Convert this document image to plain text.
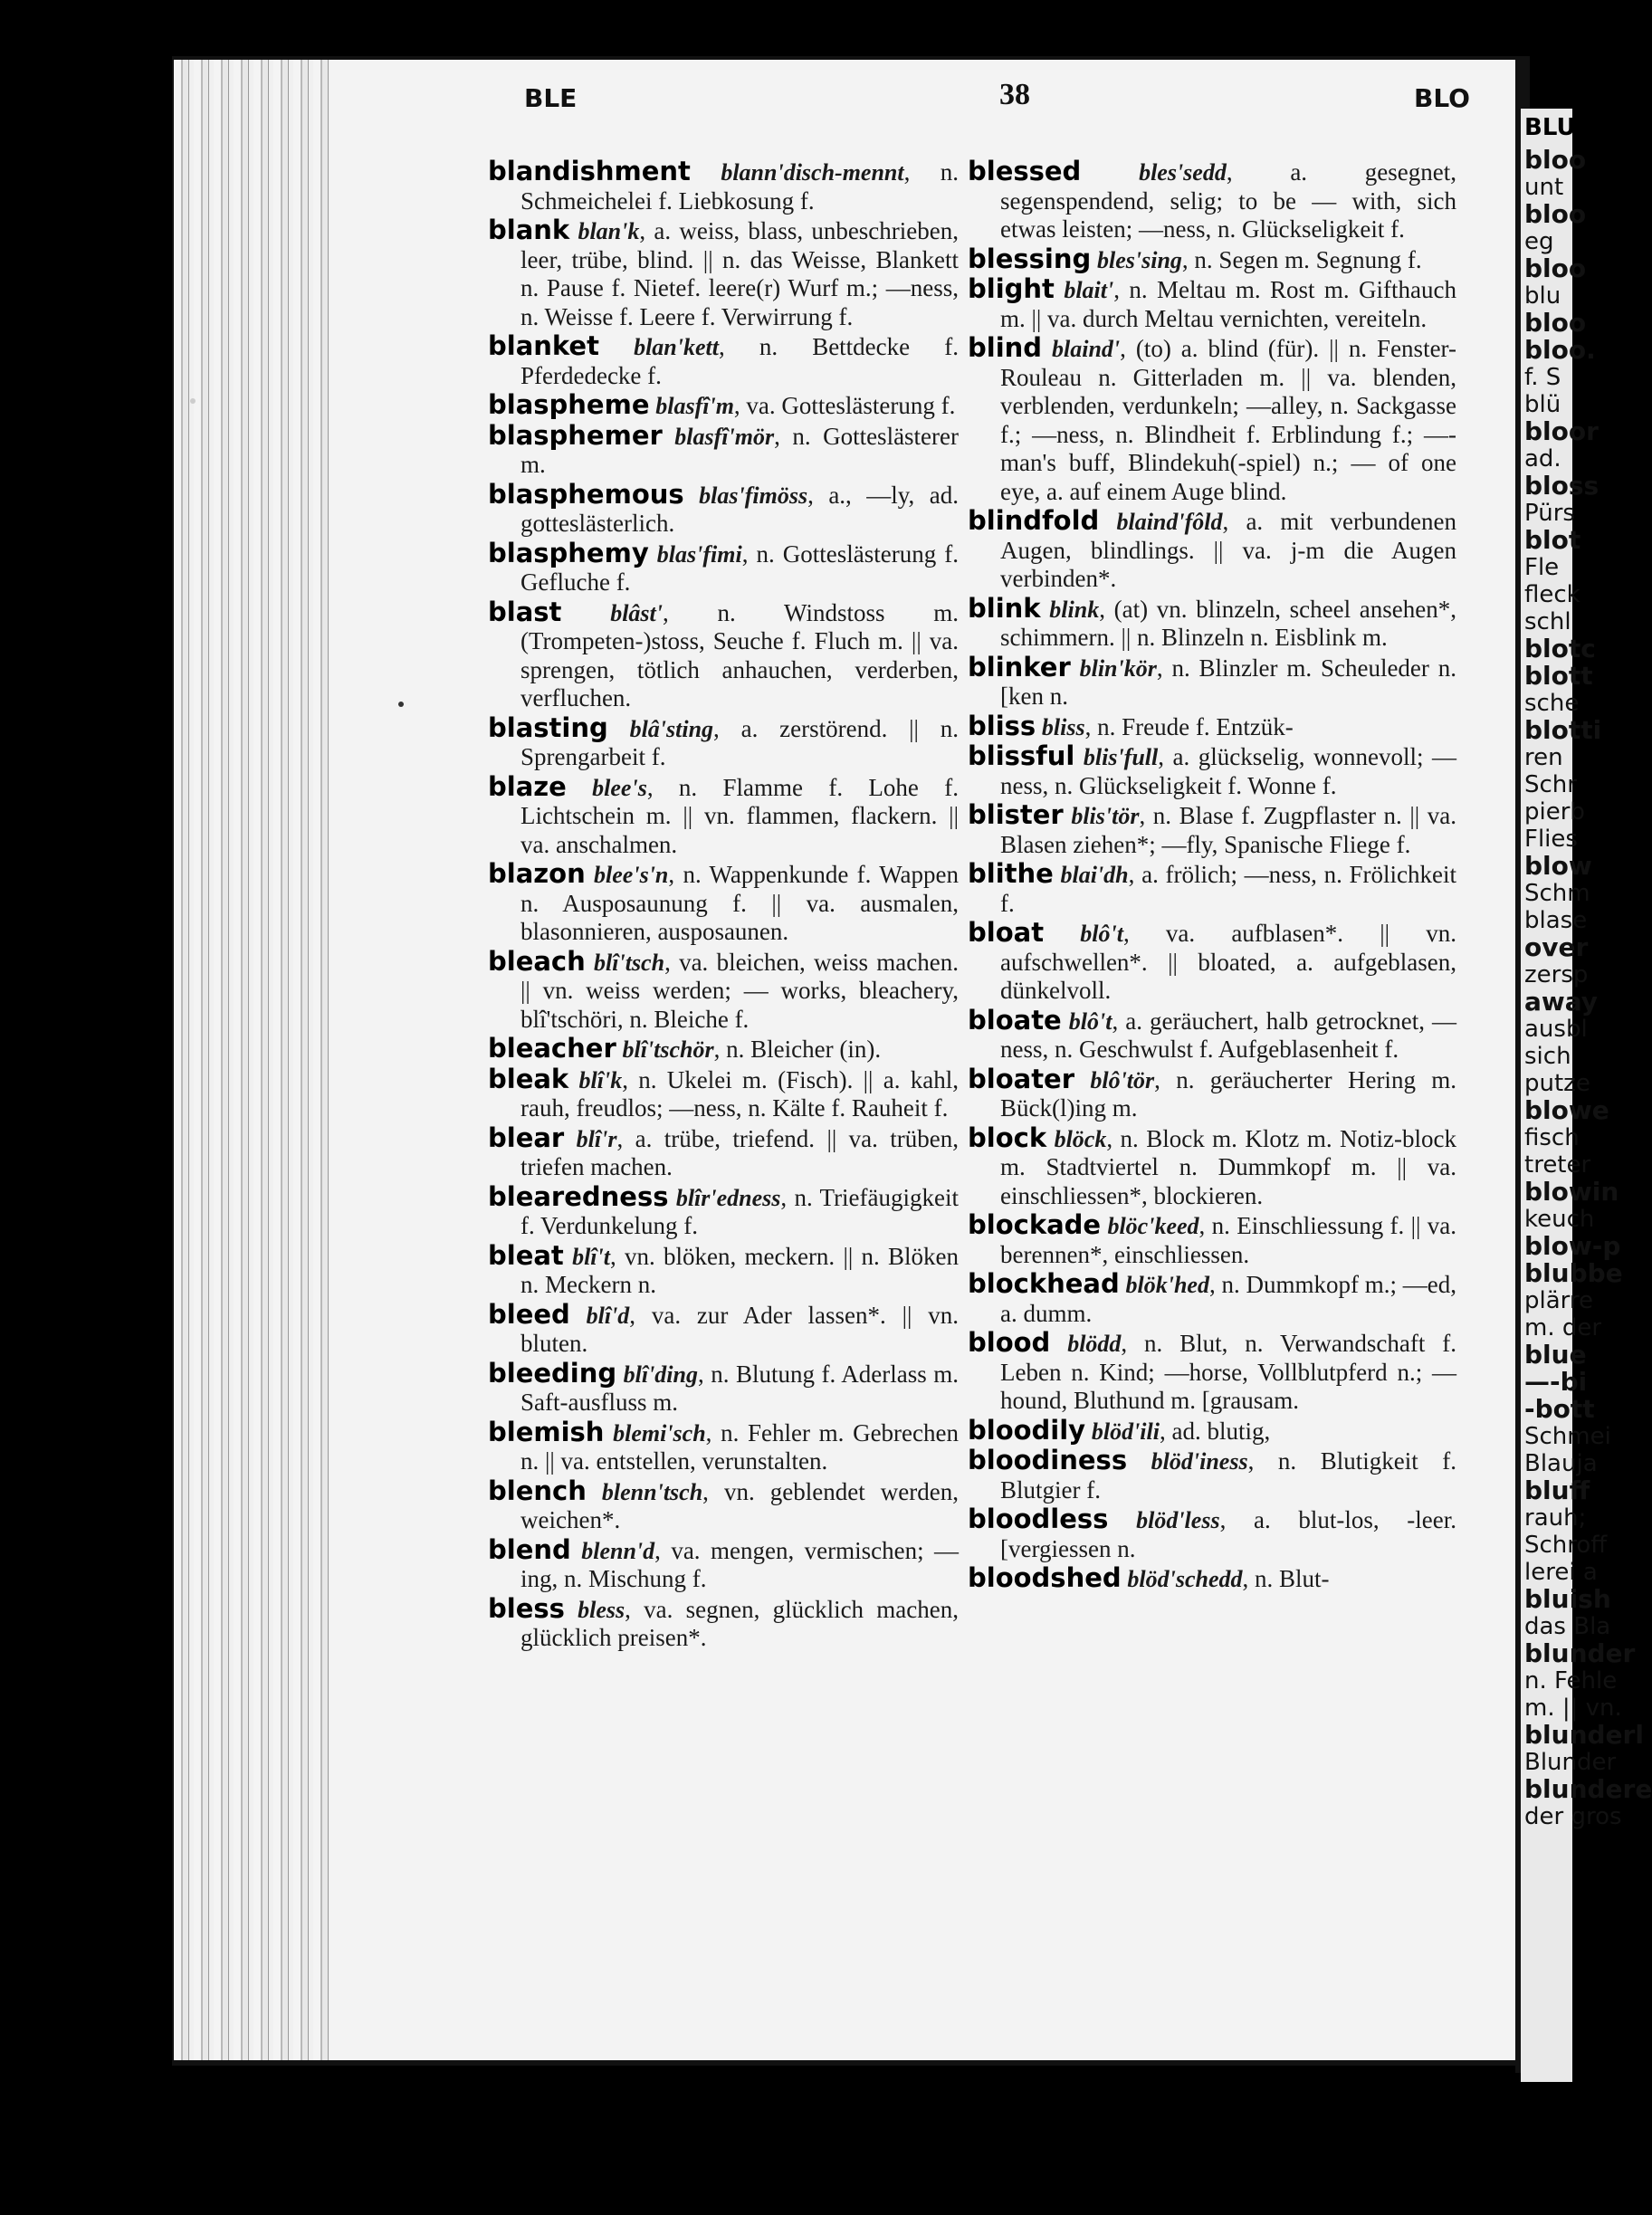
BLE	38	BLO

blandishment blann'disch-mennt, n. Schmeichelei f. Liebkosung f.

blank blan'k, a. weiss, blass, unbeschrieben, leer, trübe, blind. || n. das Weisse, Blankett n. Pause f. Nietef. leere(r) Wurf m.; —ness, n. Weisse f. Leere f. Verwirrung f.

blanket blan'kett, n. Bettdecke f. Pferdedecke f.

blaspheme blasfî'm, va. Gotteslästerung f.

blasphemer blasfî'mör, n. Gotteslästerer m.

blasphemous blas'fimöss, a., —ly, ad. gotteslästerlich.

blasphemy blas'fimi, n. Gotteslästerung f. Gefluche f.

blast blâst', n. Windstoss m. (Trompeten-)stoss, Seuche f. Fluch m. || va. sprengen, tötlich anhauchen, verderben, verfluchen.

blasting blâ'sting, a. zerstörend. || n. Sprengarbeit f.

blaze blee's, n. Flamme f. Lohe f. Lichtschein m. || vn. flammen, flackern. || va. anschalmen.

blazon blee's'n, n. Wappenkunde f. Wappen n. Ausposaunung f. || va. ausmalen, blasonnieren, ausposaunen.

bleach blî'tsch, va. bleichen, weiss machen. || vn. weiss werden; — works, bleachery, blî'tschöri, n. Bleiche f.

bleacher blî'tschör, n. Bleicher (in).

bleak blî'k, n. Ukelei m. (Fisch). || a. kahl, rauh, freudlos; —ness, n. Kälte f. Rauheit f.

blear blî'r, a. trübe, triefend. || va. trüben, triefen machen.

blearedness blîr'edness, n. Triefäugigkeit f. Verdunkelung f.

bleat blî't, vn. blöken, meckern. || n. Blöken n. Meckern n.

bleed blî'd, va. zur Ader lassen*. || vn. bluten.

bleeding blî'ding, n. Blutung f. Aderlass m. Saft-ausfluss m.

blemish blemi'sch, n. Fehler m. Gebrechen n. || va. entstellen, verunstalten.

blench blenn'tsch, vn. geblendet werden, weichen*.

blend blenn'd, va. mengen, vermischen; —ing, n. Mischung f.

bless bless, va. segnen, glücklich machen, glücklich preisen*.

blessed bles'sedd, a. gesegnet, segenspendend, selig; to be — with, sich etwas leisten; —ness, n. Glückseligkeit f.

blessing bles'sing, n. Segen m. Segnung f.

blight blait', n. Meltau m. Rost m. Gifthauch m. || va. durch Meltau vernichten, vereiteln.

blind blaind', (to) a. blind (für). || n. Fenster-Rouleau n. Gitterladen m. || va. blenden, verblenden, verdunkeln; —alley, n. Sackgasse f.; —ness, n. Blindheit f. Erblindung f.; —-man's buff, Blindekuh(-spiel) n.; — of one eye, a. auf einem Auge blind.

blindfold blaind'fôld, a. mit verbundenen Augen, blindlings. || va. j-m die Augen verbinden*.

blink blink, (at) vn. blinzeln, scheel ansehen*, schimmern. || n. Blinzeln n. Eisblink m.

blinker blin'kör, n. Blinzler m. Scheuleder n. [ken n.

bliss bliss, n. Freude f. Entzük-

blissful blis'full, a. glückselig, wonnevoll; —ness, n. Glückseligkeit f. Wonne f.

blister blis'tör, n. Blase f. Zugpflaster n. || va. Blasen ziehen*; —fly, Spanische Fliege f.

blithe blai'dh, a. frölich; —ness, n. Frölichkeit f.

bloat blô't, va. aufblasen*. || vn. aufschwellen*. || bloated, a. aufgeblasen, dünkelvoll.

bloate blô't, a. geräuchert, halb getrocknet, —ness, n. Geschwulst f. Aufgeblasenheit f.

bloater blô'tör, n. geräucherter Hering m. Bück(l)ing m.

block blöck, n. Block m. Klotz m. Notiz-block m. Stadtviertel n. Dummkopf m. || va. einschliessen*, blockieren.

blockade blöc'keed, n. Einschliessung f. || va. berennen*, einschliessen.

blockhead blök'hed, n. Dummkopf m.; —ed, a. dumm.

blood blödd, n. Blut, n. Verwandschaft f. Leben n. Kind; —horse, Vollblutpferd n.; —hound, Bluthund m. [grausam.

bloodily blöd'ili, ad. blutig,

bloodiness blöd'iness, n. Blutigkeit f. Blutgier f.

bloodless blöd'less, a. blut-los, -leer. [vergiessen n.

bloodshed blöd'schedd, n. Blut-

BLU
bloo
unt
bloo
eg
bloo
blu
bloo
bloo.
f. S
blü
bloor
ad.
bloss
Pürs
blot
Fle
fleck
schl
blotc
blott
sche
blotti
ren
Schr
pierb
Flies
blow
Schm
blase
over
zersp
away
ausbl
sich
putze
blowe
fisch
treter
blowin
keuch
blow-p
blubbe
plärre
m. der
blue
—-bi
-bott
Schmei
Blauja
bluff
rauh;
Schroff
lerei a
bluish
das Bla
blunder
n. Fehle
m. || vn.
blunderl
Blunder
blundere
der gros
